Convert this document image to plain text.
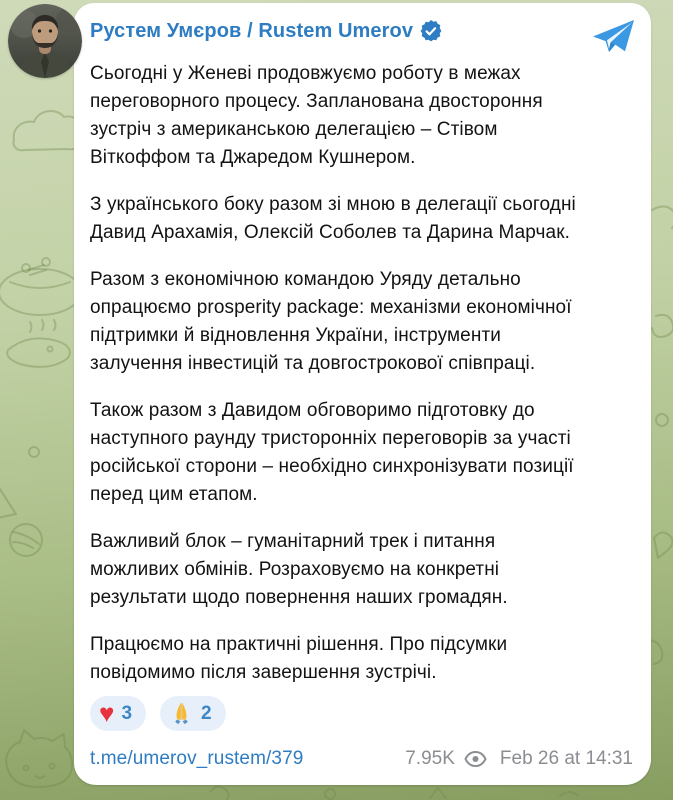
Рустем Умєров / Rustem Umerov
Сьогодні у Женеві продовжуємо роботу в межах
переговорного процесу. Запланована двостороння
зустріч з американською делегацією – Стівом
Віткоффом та Джаредом Кушнером.
З українського боку разом зі мною в делегації сьогодні
Давид Арахамія, Олексій Соболев та Дарина Марчак.
Разом з економічною командою Уряду детально
опрацюємо prosperity package: механізми економічної
підтримки й відновлення України, інструменти
залучення інвестицій та довгострокової співпраці.
Також разом з Давидом обговоримо підготовку до
наступного раунду тристоронніх переговорів за участі
російської сторони – необхідно синхронізувати позиції
перед цим етапом.
Важливий блок – гуманітарний трек і питання
можливих обмінів. Розраховуємо на конкретні
результати щодо повернення наших громадян.
Працюємо на практичні рішення. Про підсумки
повідомимо після завершення зустрічі.
♥ 3	2
t.me/umerov_rustem/379	7.95K Feb 26 at 14:31
